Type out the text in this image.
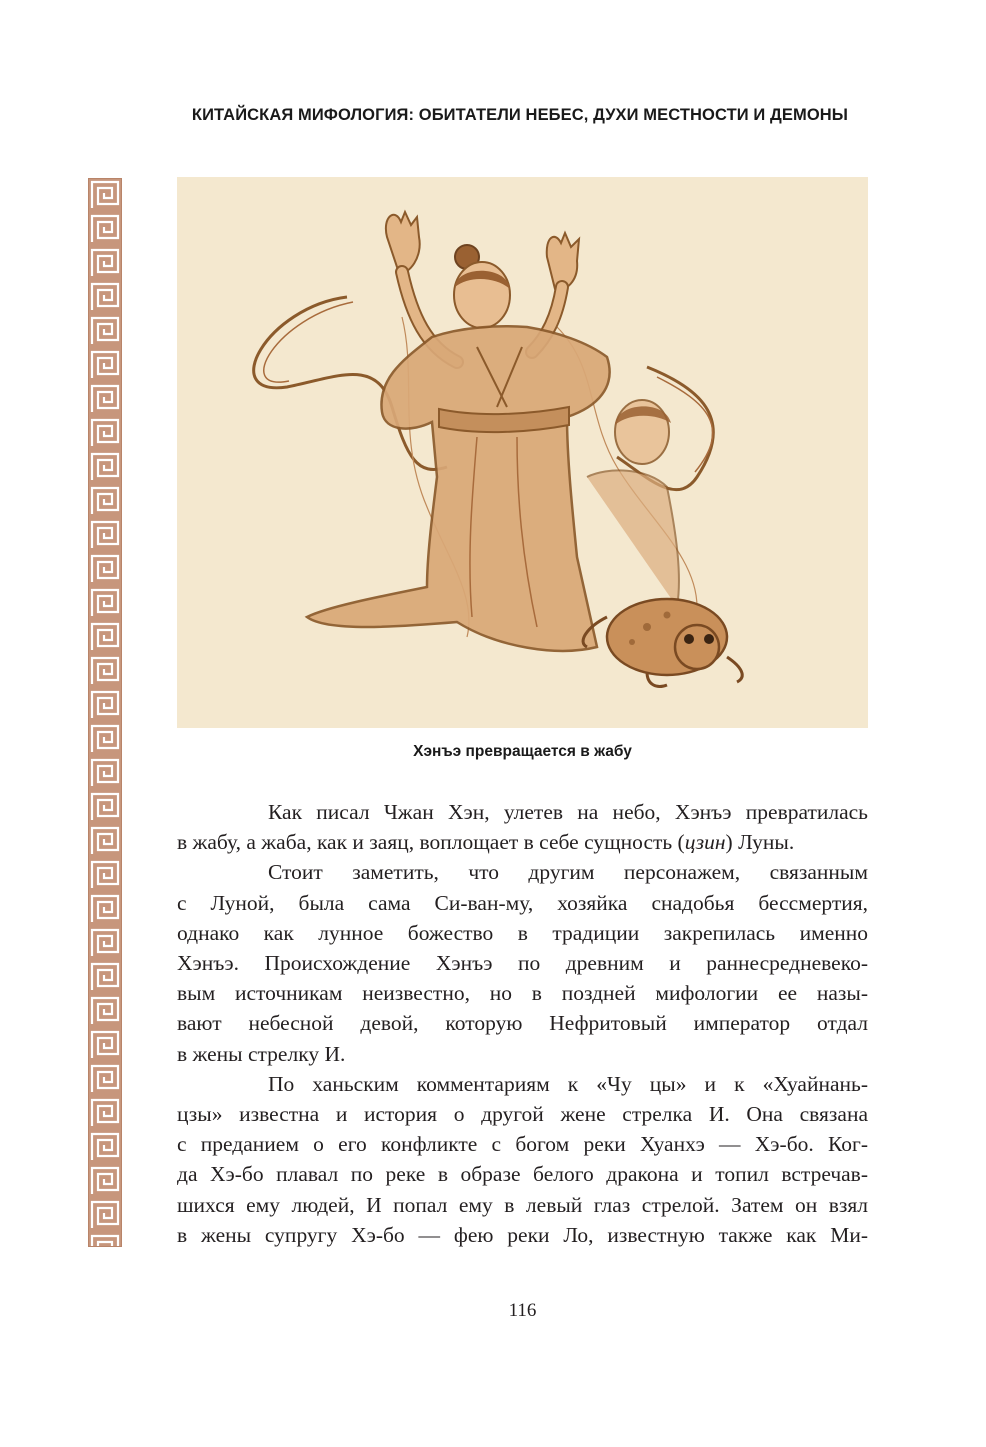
КИТАЙСКАЯ МИФОЛОГИЯ: ОБИТАТЕЛИ НЕБЕС, ДУХИ МЕСТНОСТИ И ДЕМОНЫ
Хэнъэ превращается в жабу
Как писал Чжан Хэн, улетев на небо, Хэнъэ превратилась
в жабу, а жаба, как и заяц, воплощает в себе сущность (цзин) Луны.
Стоит заметить, что другим персонажем, связанным
с Луной, была сама Си-ван-му, хозяйка снадобья бессмертия,
однако как лунное божество в традиции закрепилась именно
Хэнъэ. Происхождение Хэнъэ по древним и раннесредневеко-
вым источникам неизвестно, но в поздней мифологии ее назы-
вают небесной девой, которую Нефритовый император отдал
в жены стрелку И.
По ханьским комментариям к «Чу цы» и к «Хуайнань-
цзы» известна и история о другой жене стрелка И. Она связана
с преданием о его конфликте с богом реки Хуанхэ — Хэ-бо. Ког-
да Хэ-бо плавал по реке в образе белого дракона и топил встречав-
шихся ему людей, И попал ему в левый глаз стрелой. Затем он взял
в жены супругу Хэ-бо — фею реки Ло, известную также как Ми-
116
